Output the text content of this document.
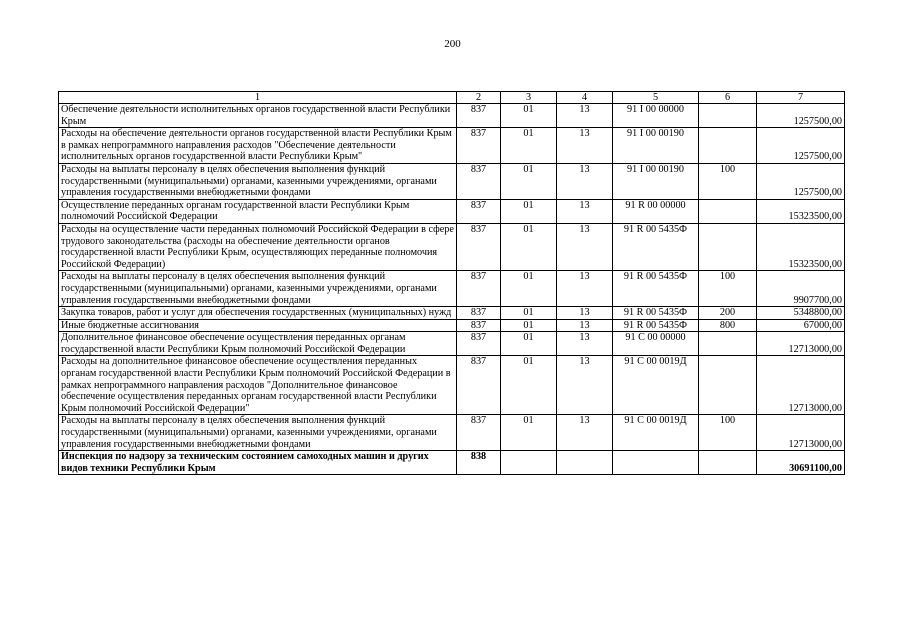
200
1	2	3	4	5	6	7
Обеспечение деятельности исполнительных органов государственной власти Республики Крым	837	01	13	91 I 00 00000		1257500,00
Расходы на обеспечение деятельности органов государственной власти Республики Крым в рамках непрограммного направления расходов "Обеспечение деятельности исполнительных органов государственной власти Республики Крым"	837	01	13	91 I 00 00190		1257500,00
Расходы на выплаты персоналу в целях обеспечения выполнения функций государственными (муниципальными) органами, казенными учреждениями, органами управления государственными внебюджетными фондами	837	01	13	91 I 00 00190	100	1257500,00
Осуществление переданных органам государственной власти Республики Крым полномочий Российской Федерации	837	01	13	91 R 00 00000		15323500,00
Расходы на осуществление части переданных полномочий Российской Федерации в сфере трудового законодательства (расходы на обеспечение деятельности органов государственной власти Республики Крым, осуществляющих переданные полномочия Российской Федерации)	837	01	13	91 R 00 5435Ф		15323500,00
Расходы на выплаты персоналу в целях обеспечения выполнения функций государственными (муниципальными) органами, казенными учреждениями, органами управления государственными внебюджетными фондами	837	01	13	91 R 00 5435Ф	100	9907700,00
Закупка товаров, работ и услуг для обеспечения государственных (муниципальных) нужд	837	01	13	91 R 00 5435Ф	200	5348800,00
Иные бюджетные ассигнования	837	01	13	91 R 00 5435Ф	800	67000,00
Дополнительное финансовое обеспечение осуществления переданных органам государственной власти Республики Крым полномочий Российской Федерации	837	01	13	91 С 00 00000		12713000,00
Расходы на дополнительное финансовое обеспечение осуществления переданных органам государственной власти Республики Крым полномочий Российской Федерации в рамках непрограммного направления расходов "Дополнительное финансовое обеспечение осуществления переданных органам государственной власти Республики Крым полномочий Российской Федерации"	837	01	13	91 С 00 0019Д		12713000,00
Расходы на выплаты персоналу в целях обеспечения выполнения функций государственными (муниципальными) органами, казенными учреждениями, органами управления государственными внебюджетными фондами	837	01	13	91 С 00 0019Д	100	12713000,00
Инспекция по надзору за техническим состоянием самоходных машин и других видов техники Республики Крым	838					30691100,00
